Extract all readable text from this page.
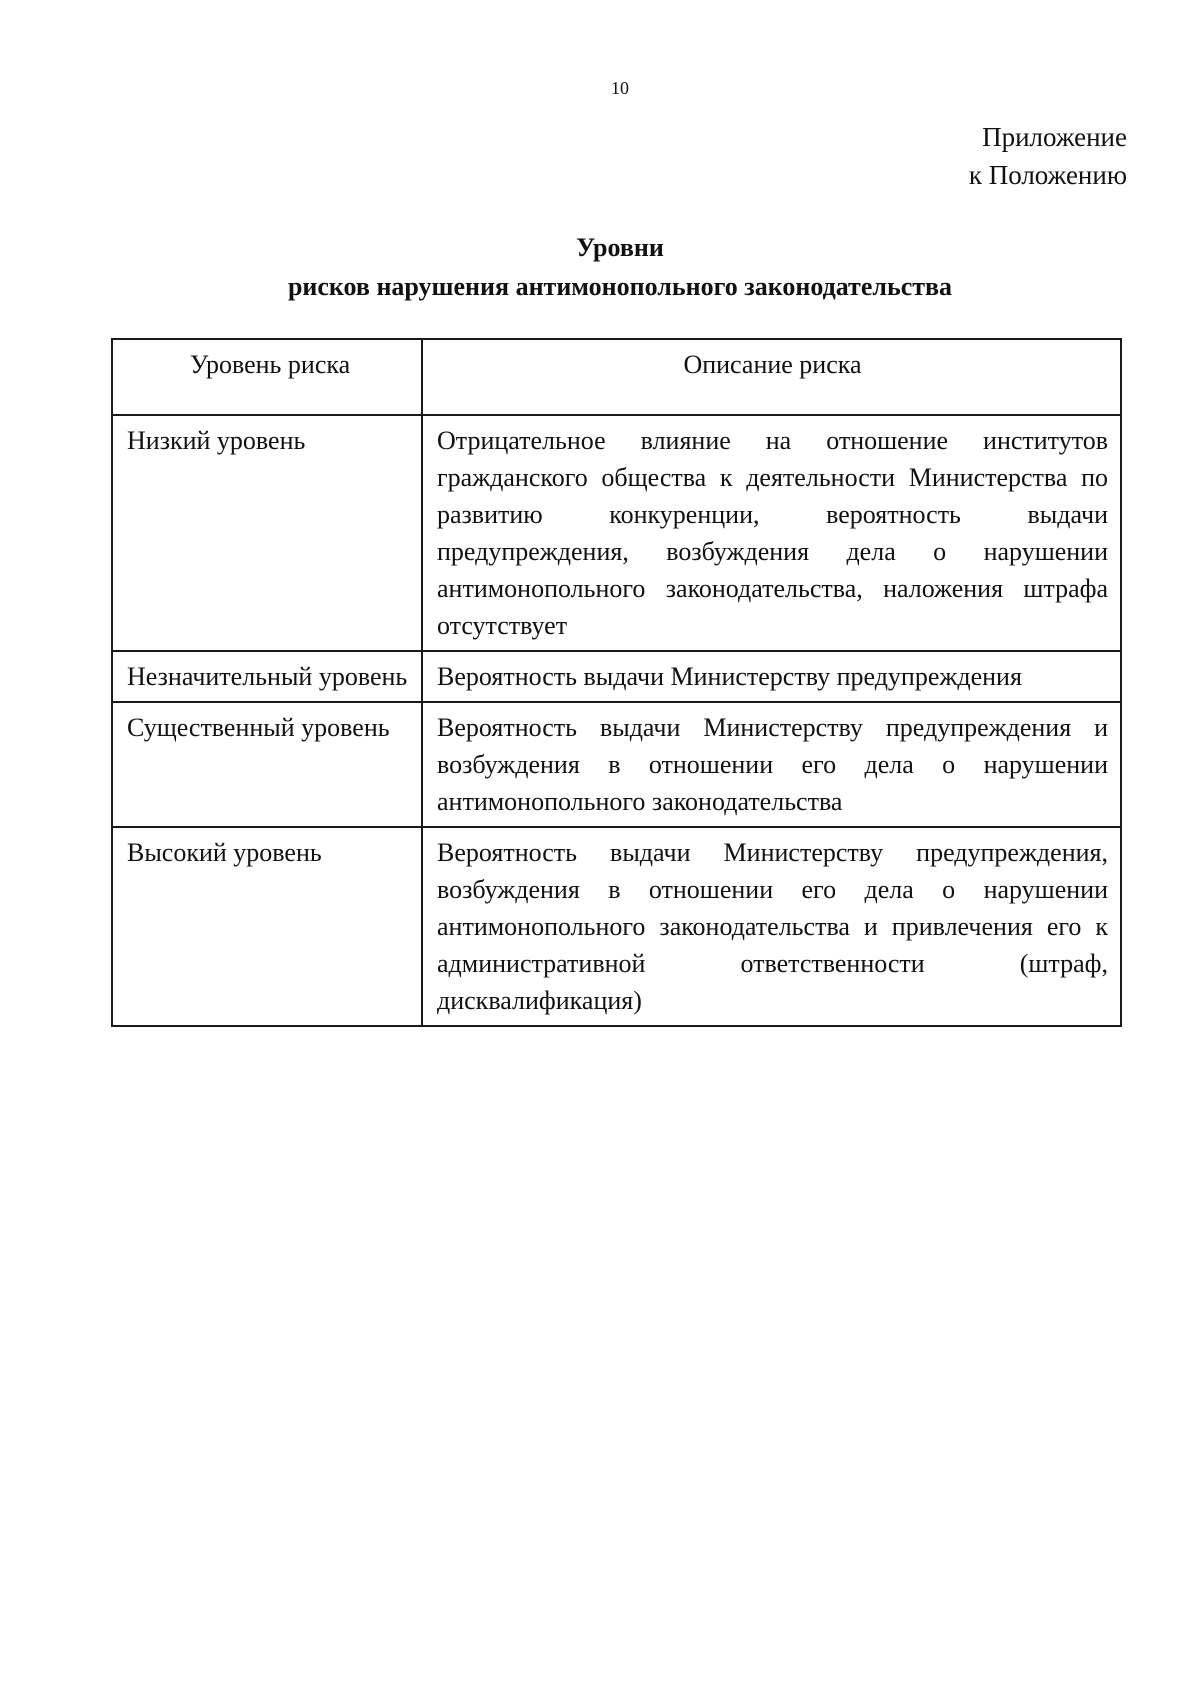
10
Приложение
к Положению
Уровни
рисков нарушения антимонопольного законодательства
Уровень риска	Описание риска
Низкий уровень	Отрицательное влияние на отношение институтов гражданского общества к деятельности Министерства по развитию конкуренции, вероятность выдачи предупреждения, возбуждения дела о нарушении антимонопольного законодательства, наложения штрафа отсутствует
Незначительный уровень	Вероятность выдачи Министерству предупреждения
Существенный уровень	Вероятность выдачи Министерству предупреждения и возбуждения в отношении его дела о нарушении антимонопольного законодательства
Высокий уровень	Вероятность выдачи Министерству предупреждения, возбуждения в отношении его дела о нарушении антимонопольного законодательства и привлечения его к административной ответственности (штраф, дисквалификация)
